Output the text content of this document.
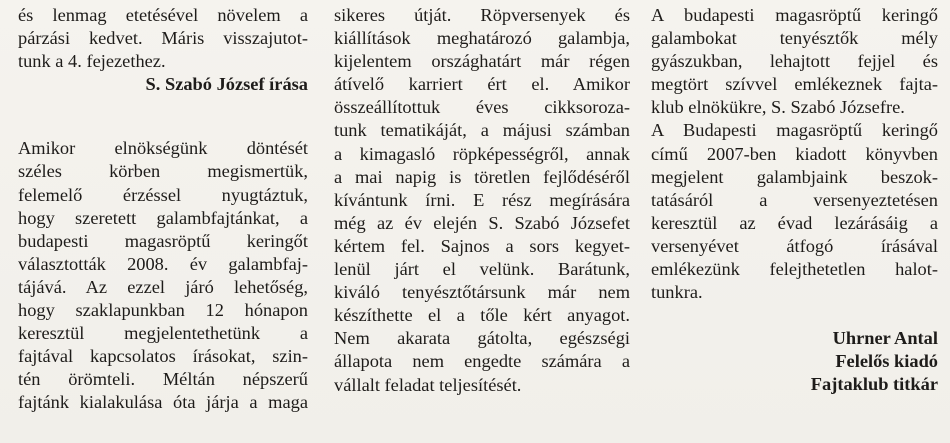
és lenmag etetésével növelem a
párzási kedvet. Máris visszajutot-
tunk a 4. fejezethez.
S. Szabó József írása
Amikor elnökségünk döntését
széles körben megismertük,
felemelő érzéssel nyugtáztuk,
hogy szeretett galambfajtánkat, a
budapesti magasröptű keringőt
választották 2008. év galambfaj-
tájává. Az ezzel járó lehetőség,
hogy szaklapunkban 12 hónapon
keresztül megjelentethetünk a
fajtával kapcsolatos írásokat, szin-
tén örömteli. Méltán népszerű
fajtánk kialakulása óta járja a maga
sikeres útját. Röpversenyek és
kiállítások meghatározó galambja,
kijelentem országhatárt már régen
átívelő karriert ért el. Amikor
összeállítottuk éves cikksoroza-
tunk tematikáját, a májusi számban
a kimagasló röpképességről, annak
a mai napig is töretlen fejlődéséről
kívántunk írni. E rész megírására
még az év elején S. Szabó Józsefet
kértem fel. Sajnos a sors kegyet-
lenül járt el velünk. Barátunk,
kiváló tenyésztőtársunk már nem
készíthette el a tőle kért anyagot.
Nem akarata gátolta, egészségi
állapota nem engedte számára a
vállalt feladat teljesítését.
A budapesti magasröptű keringő
galambokat tenyésztők mély
gyászukban, lehajtott fejjel és
megtört szívvel emlékeznek fajta-
klub elnökükre, S. Szabó Józsefre.
A Budapesti magasröptű keringő
című 2007-ben kiadott könyvben
megjelent galambjaink beszok-
tatásáról a versenyeztetésen
keresztül az évad lezárásáig a
versenyévet átfogó írásával
emlékezünk felejthetetlen halot-
tunkra.
Uhrner Antal
Felelős kiadó
Fajtaklub titkár
